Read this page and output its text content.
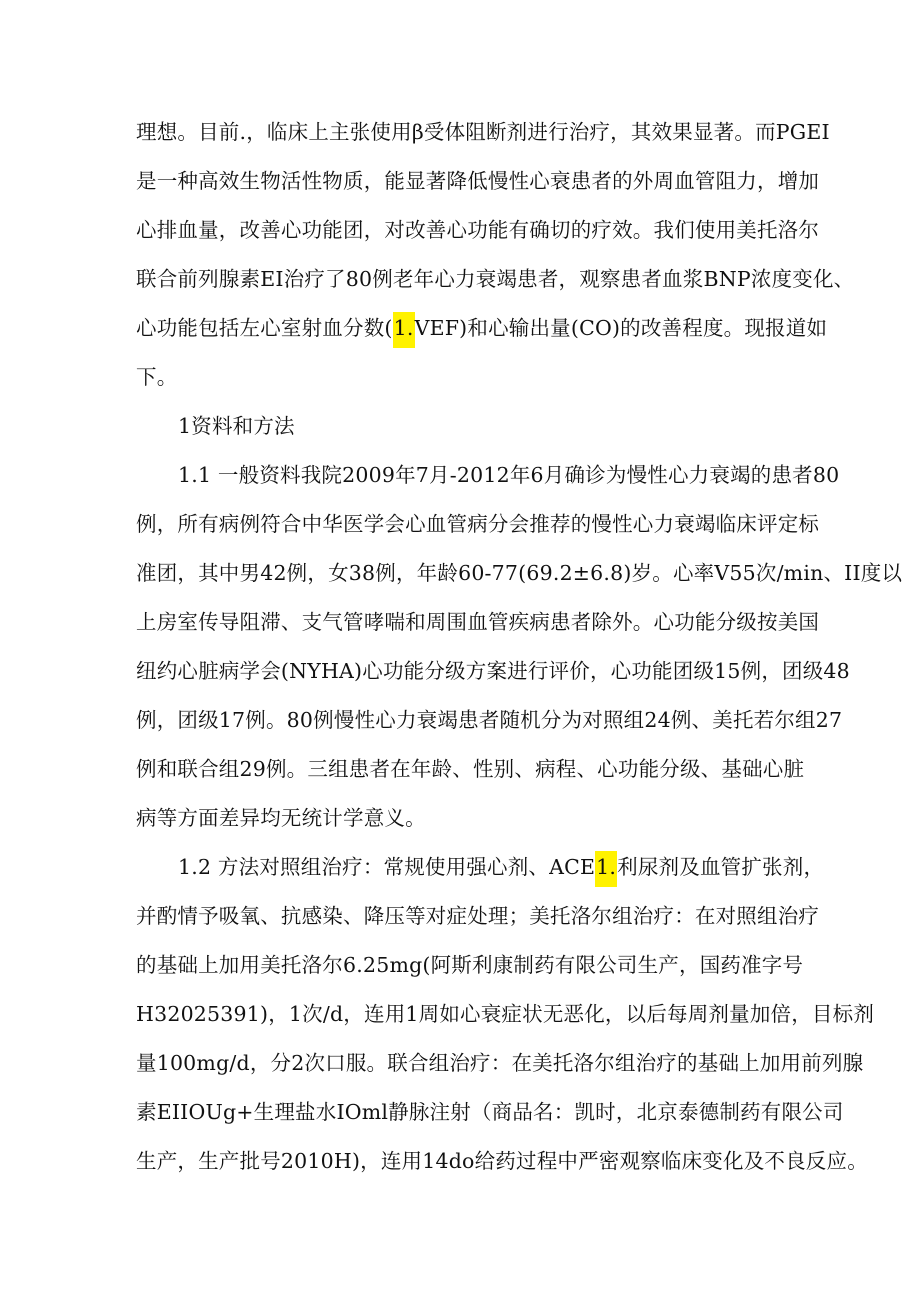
理想。目前.，临床上主张使用β受体阻断剂进行治疗，其效果显著。而PGEI
是一种高效生物活性物质，能显著降低慢性心衰患者的外周血管阻力，增加
心排血量，改善心功能团，对改善心功能有确切的疗效。我们使用美托洛尔
联合前列腺素EI治疗了80例老年心力衰竭患者，观察患者血浆BNP浓度变化、
心功能包括左心室射血分数(1.VEF)和心输出量(CO)的改善程度。现报道如
下。
1资料和方法
1.1 一般资料我院2009年7月-2012年6月确诊为慢性心力衰竭的患者80
例，所有病例符合中华医学会心血管病分会推荐的慢性心力衰竭临床评定标
准团，其中男42例，女38例，年龄60-77(69.2±6.8)岁。心率V55次/min、II度以
上房室传导阻滞、支气管哮喘和周围血管疾病患者除外。心功能分级按美国
纽约心脏病学会(NYHA)心功能分级方案进行评价，心功能团级15例，团级48
例，团级17例。80例慢性心力衰竭患者随机分为对照组24例、美托若尔组27
例和联合组29例。三组患者在年龄、性别、病程、心功能分级、基础心脏
病等方面差异均无统计学意义。
1.2 方法对照组治疗：常规使用强心剂、ACE1.利尿剂及血管扩张剂，
并酌情予吸氧、抗感染、降压等对症处理；美托洛尔组治疗：在对照组治疗
的基础上加用美托洛尔6.25mg(阿斯利康制药有限公司生产，国药准字号
H32025391)，1次/d，连用1周如心衰症状无恶化，以后每周剂量加倍，目标剂
量100mg/d，分2次口服。联合组治疗：在美托洛尔组治疗的基础上加用前列腺
素EIIOUg+生理盐水IOml静脉注射（商品名：凯时，北京泰德制药有限公司
生产，生产批号2010H)，连用14do给药过程中严密观察临床变化及不良反应。
